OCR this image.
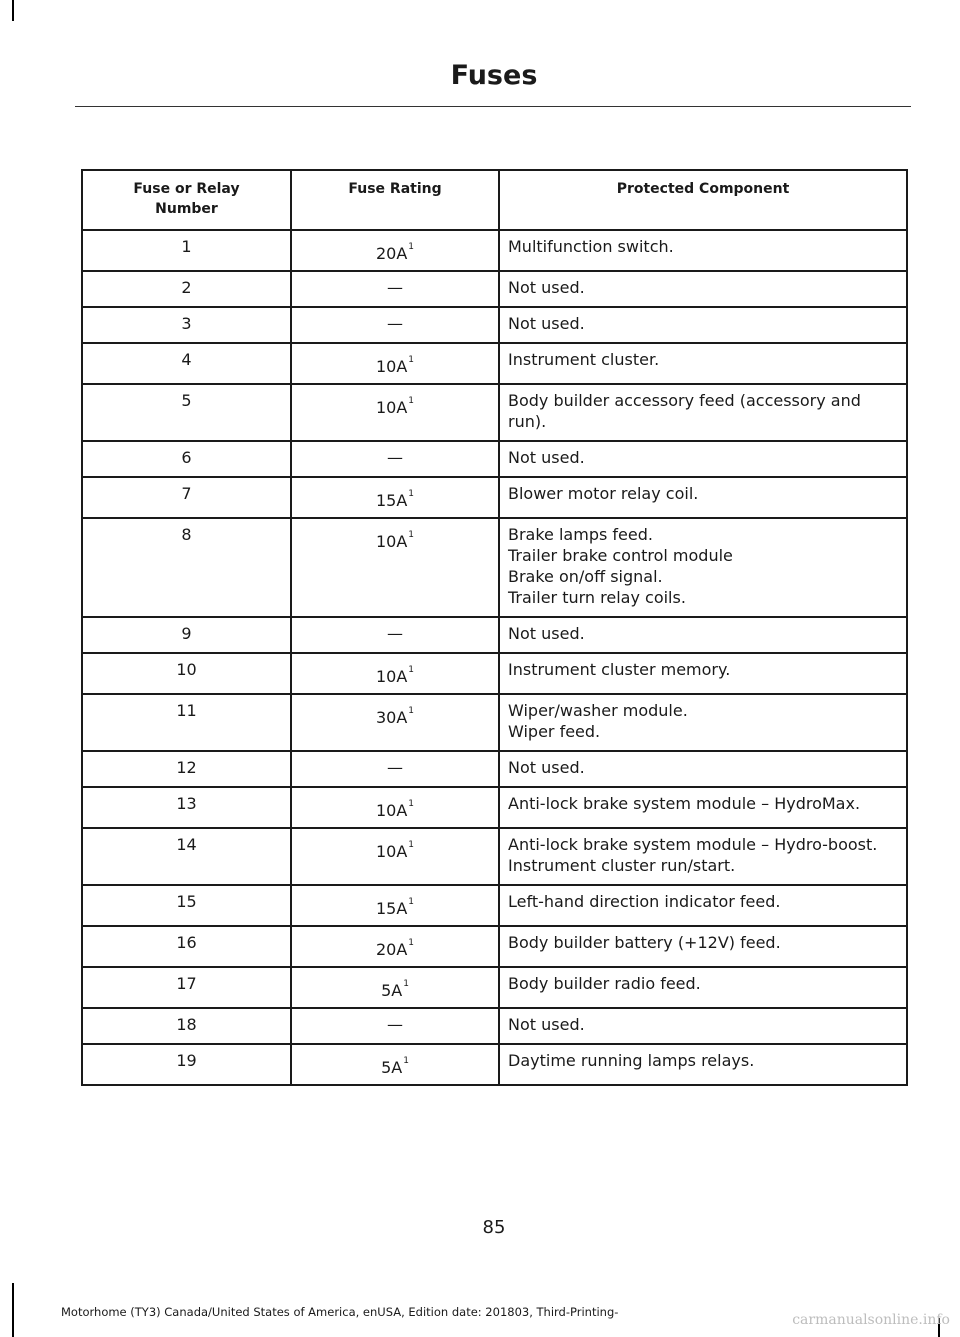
Fuses
Fuse or Relay Number	Fuse Rating	Protected Component
1	20A$^1$	Multifunction switch.

2	—	Not used.

3	—	Not used.

4	10A$^1$	Instrument cluster.

5	10A$^1$	Body builder accessory feed (accessory and run).

6	—	Not used.

7	15A$^1$	Blower motor relay coil.

8	10A$^1$	Brake lamps feed.
Trailer brake control module
Brake on/off signal.
Trailer turn relay coils.

9	—	Not used.

10	10A$^1$	Instrument cluster memory.

11	30A$^1$	Wiper/washer module.
Wiper feed.

12	—	Not used.

13	10A$^1$	Anti-lock brake system module – HydroMax.

14	10A$^1$	Anti-lock brake system module – Hydro-boost.
Instrument cluster run/start.

15	15A$^1$	Left-hand direction indicator feed.

16	20A$^1$	Body builder battery (+12V) feed.

17	5A$^1$	Body builder radio feed.

18	—	Not used.

19	5A$^1$	Daytime running lamps relays.
85
Motorhome (TY3) Canada/United States of America, enUSA, Edition date: 201803, Third-Printing-	carmanualsonline.info
